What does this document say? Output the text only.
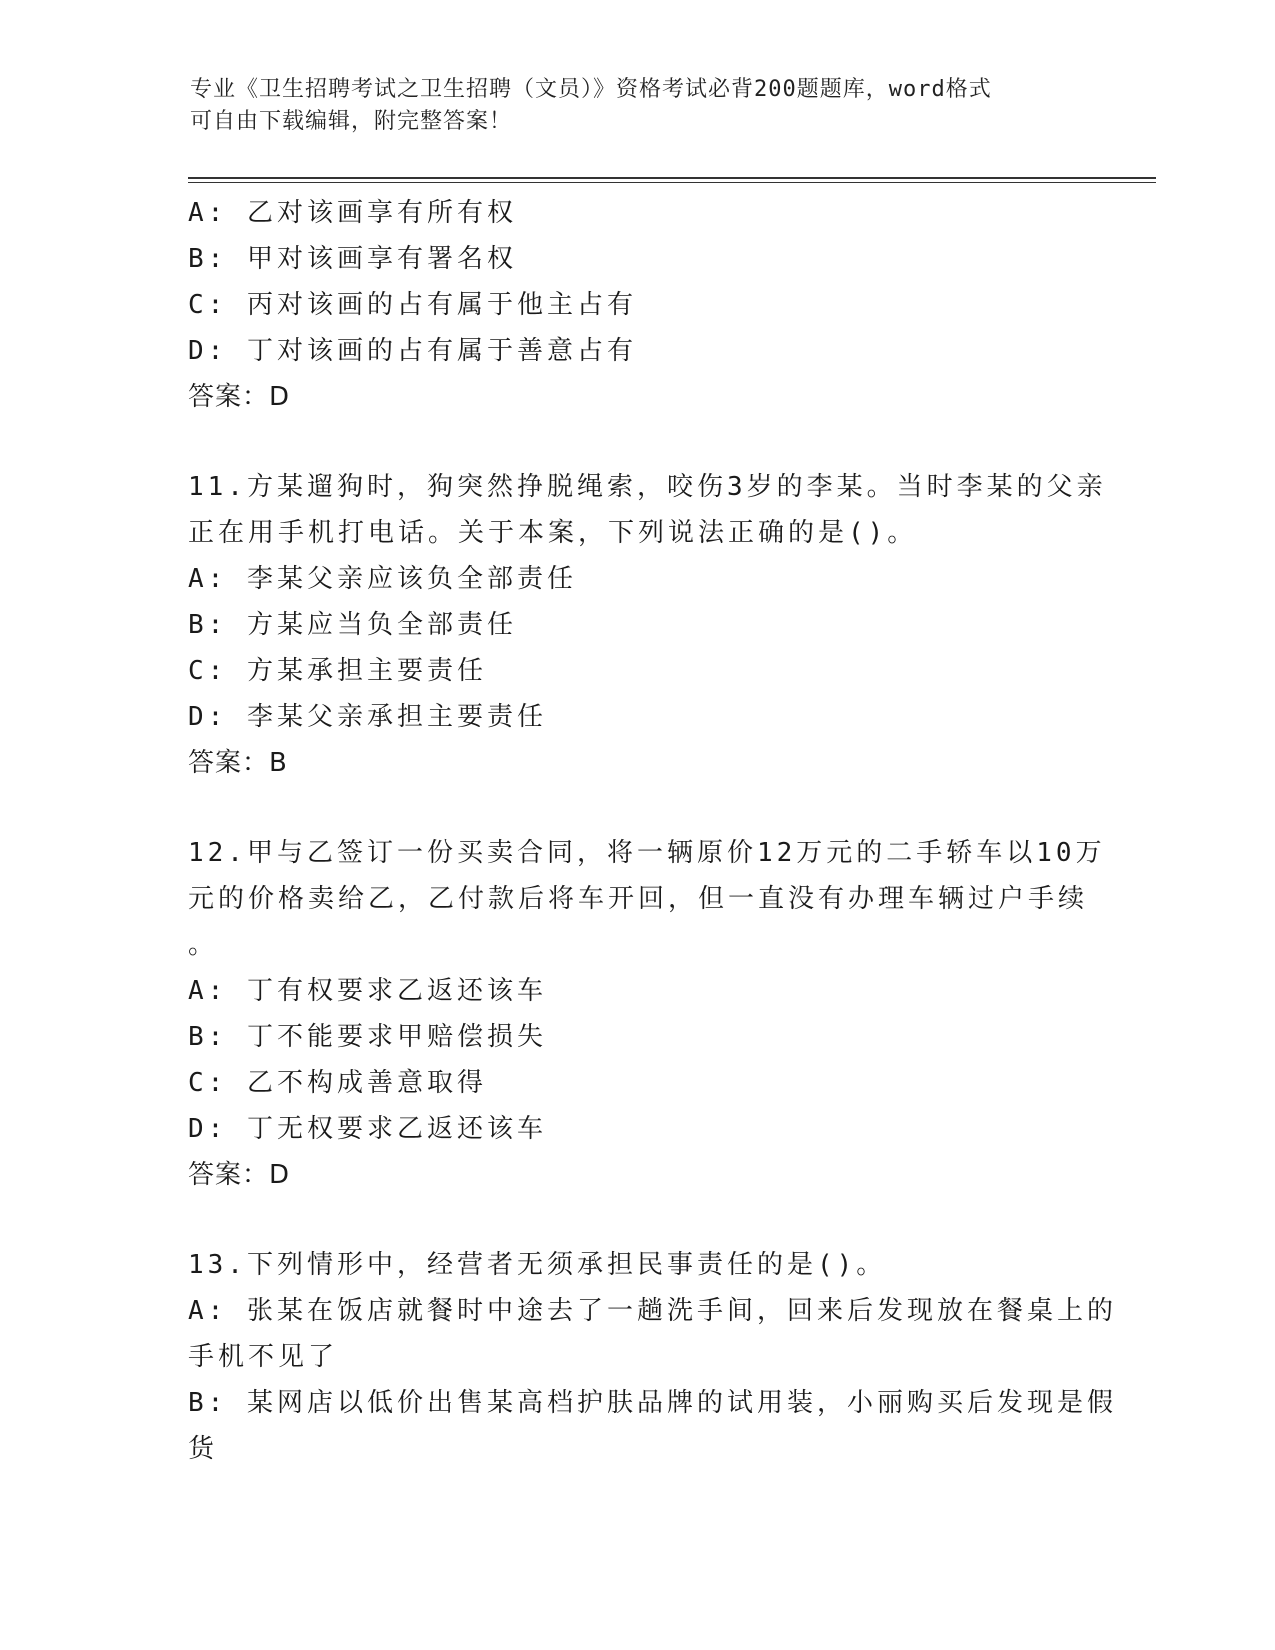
专业《卫生招聘考试之卫生招聘（文员）》资格考试必背200题题库，word格式
可自由下载编辑，附完整答案！
A: 乙对该画享有所有权
B: 甲对该画享有署名权
C: 丙对该画的占有属于他主占有
D: 丁对该画的占有属于善意占有
答案：D
11.方某遛狗时，狗突然挣脱绳索，咬伤3岁的李某。当时李某的父亲
正在用手机打电话。关于本案，下列说法正确的是()。
A: 李某父亲应该负全部责任
B: 方某应当负全部责任
C: 方某承担主要责任
D: 李某父亲承担主要责任
答案：B
12.甲与乙签订一份买卖合同，将一辆原价12万元的二手轿车以10万
元的价格卖给乙，乙付款后将车开回，但一直没有办理车辆过户手续
。
A: 丁有权要求乙返还该车
B: 丁不能要求甲赔偿损失
C: 乙不构成善意取得
D: 丁无权要求乙返还该车
答案：D
13.下列情形中，经营者无须承担民事责任的是()。
A: 张某在饭店就餐时中途去了一趟洗手间，回来后发现放在餐桌上的
手机不见了
B: 某网店以低价出售某高档护肤品牌的试用装，小丽购买后发现是假
货
